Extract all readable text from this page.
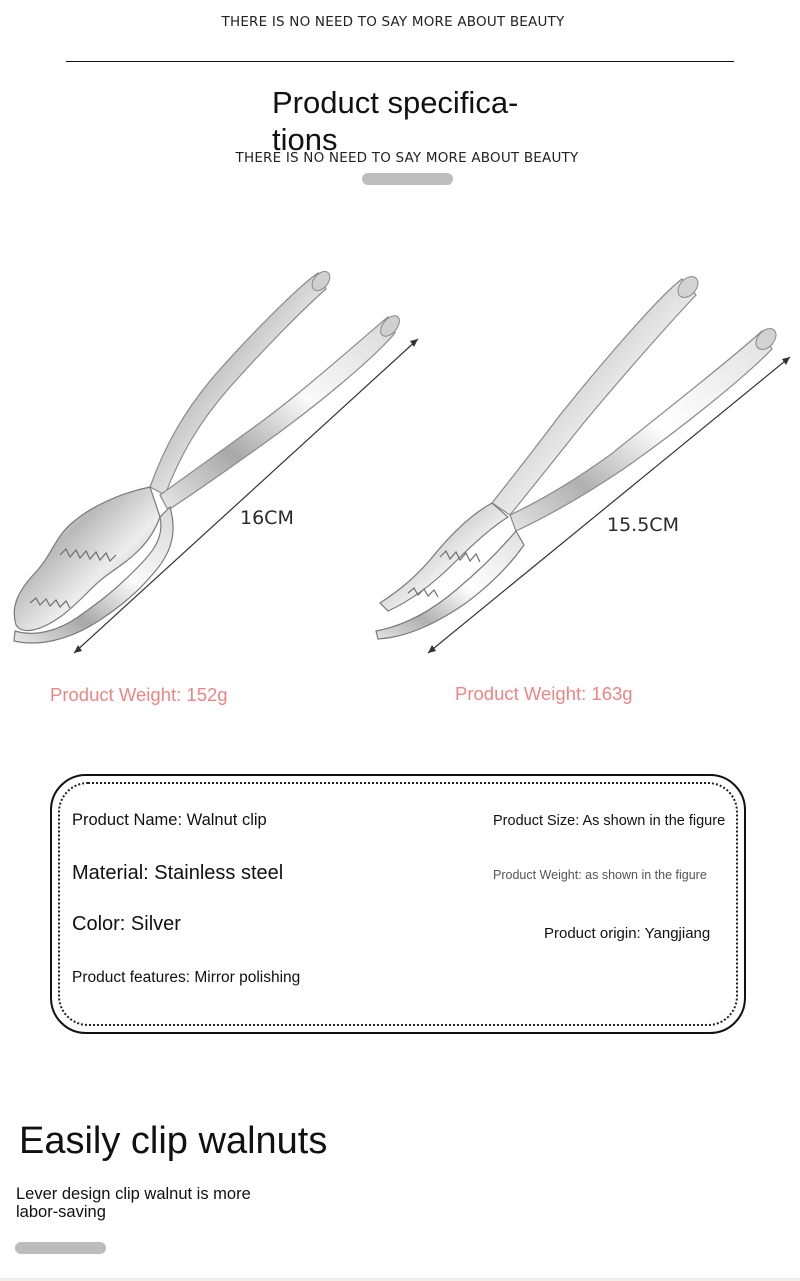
THERE IS NO NEED TO SAY MORE ABOUT BEAUTY
Product specifica- tions
THERE IS NO NEED TO SAY MORE ABOUT BEAUTY
16CM	15.5CM
Product Weight: 152g	Product Weight: 163g
Product Name: Walnut clip
Material: Stainless steel
Color: Silver
Product features: Mirror polishing
Product Size: As shown in the figure
Product Weight: as shown in the figure
Product origin: Yangjiang
Easily clip walnuts
Lever design clip walnut is more labor-saving
